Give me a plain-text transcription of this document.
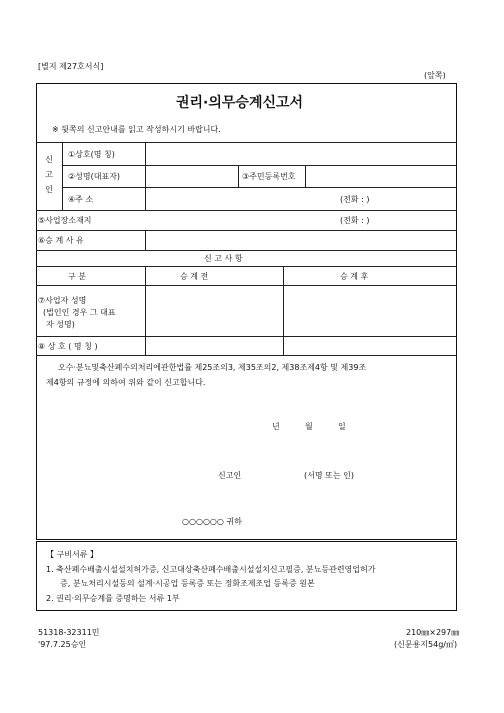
[별지 제27호서식]
(앞쪽)
권리·의무승계신고서
※ 뒷쪽의 신고안내를 읽고 작성하시기 바랍니다.
신
고
인
①상호(명 칭)
②성명(대표자)	③주민등록번호
④주 소	(전화 : )
⑤사업장소재지	(전화 : )
⑥승 계 사 유
신 고 사 항
구 분	승 계 전	승 계 후
⑦사업자 성명
(법인인 경우 그 대표
자 성명)
⑧ 상 호 ( 명 칭 )
오수·분뇨및축산폐수의처리에관한법률 제25조의3, 제35조의2, 제38조제4항 및 제39조
제4항의 규정에 의하여 위와 같이 신고합니다.
년	월	일
신고인	(서명 또는 인)
○○○○○○ 귀하
【 구비서류 】
1. 축산폐수배출시설설치허가증, 신고대상축산폐수배출시설설치신고필증, 분뇨등관련영업허가
증, 분뇨처리시설등의 설계·시공업 등록증 또는 정화조제조업 등록증 원본
2. 권리·의무승계를 증명하는 서류 1부
51318-32311민
'97.7.25승인
210㎜×297㎜
(신문용지54g/㎡)
